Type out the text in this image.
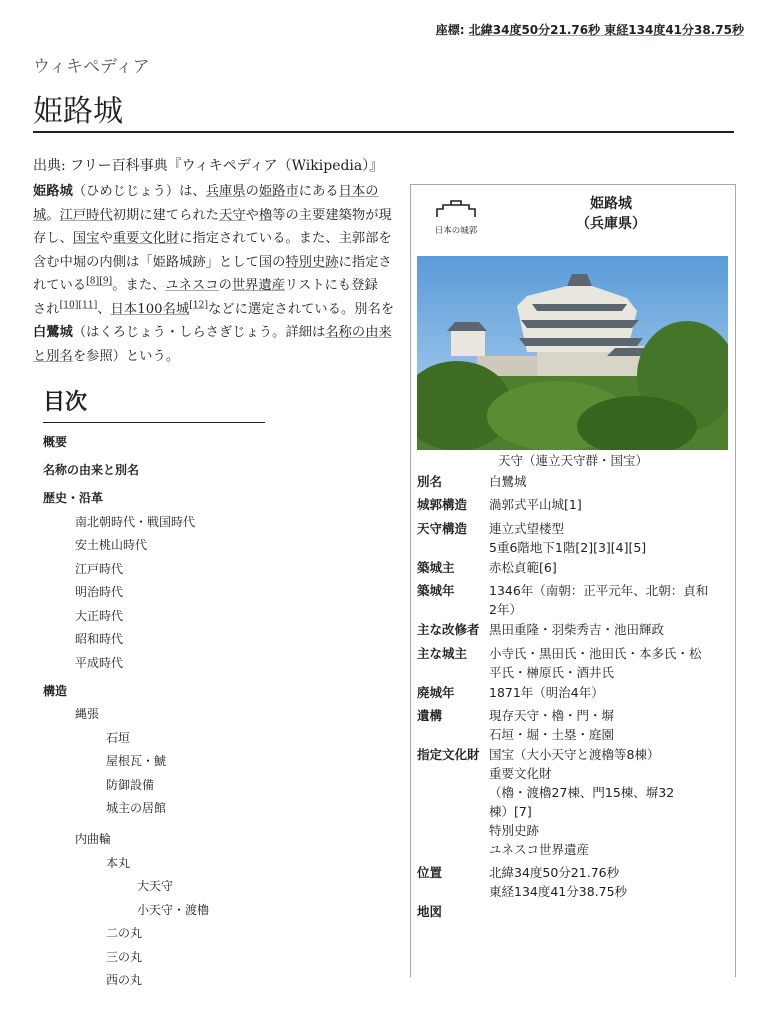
座標: 北緯34度50分21.76秒 東経134度41分38.75秒
ウィキペディア
姫路城
出典: フリー百科事典『ウィキペディア（Wikipedia）』
姫路城（ひめじじょう）は、兵庫県の姫路市にある日本の
城。江戸時代初期に建てられた天守や櫓等の主要建築物が現
存し、国宝や重要文化財に指定されている。また、主郭部を
含む中堀の内側は「姫路城跡」として国の特別史跡に指定さ
れている[8][9]。また、ユネスコの世界遺産リストにも登録
され[10][11]、日本100名城[12]などに選定されている。別名を
白鷺城（はくろじょう・しらさぎじょう。詳細は名称の由来
と別名を参照）という。
目次
概要
名称の由来と別名
歴史・沿革
南北朝時代・戦国時代
安土桃山時代
江戸時代
明治時代
大正時代
昭和時代
平成時代
構造
縄張
石垣
屋根瓦・鯱
防御設備
城主の居館
内曲輪
本丸
大天守
小天守・渡櫓
二の丸
三の丸
西の丸
日本の城郭
姫路城
（兵庫県）
天守（連立天守群・国宝）
別名	白鷺城
城郭構造	渦郭式平山城[1]
天守構造	連立式望楼型
5重6階地下1階[2][3][4][5]
築城主	赤松貞範[6]
築城年	1346年（南朝：正平元年、北朝：貞和
2年）
主な改修者 黒田重隆・羽柴秀吉・池田輝政
主な城主	小寺氏・黒田氏・池田氏・本多氏・松
平氏・榊原氏・酒井氏
廃城年	1871年（明治4年）
遺構	現存天守・櫓・門・塀
石垣・堀・土塁・庭園
指定文化財 国宝（大小天守と渡櫓等8棟）
重要文化財
（櫓・渡櫓27棟、門15棟、塀32
棟）[7]
特別史跡
ユネスコ世界遺産
位置	北緯34度50分21.76秒
東経134度41分38.75秒
地図
